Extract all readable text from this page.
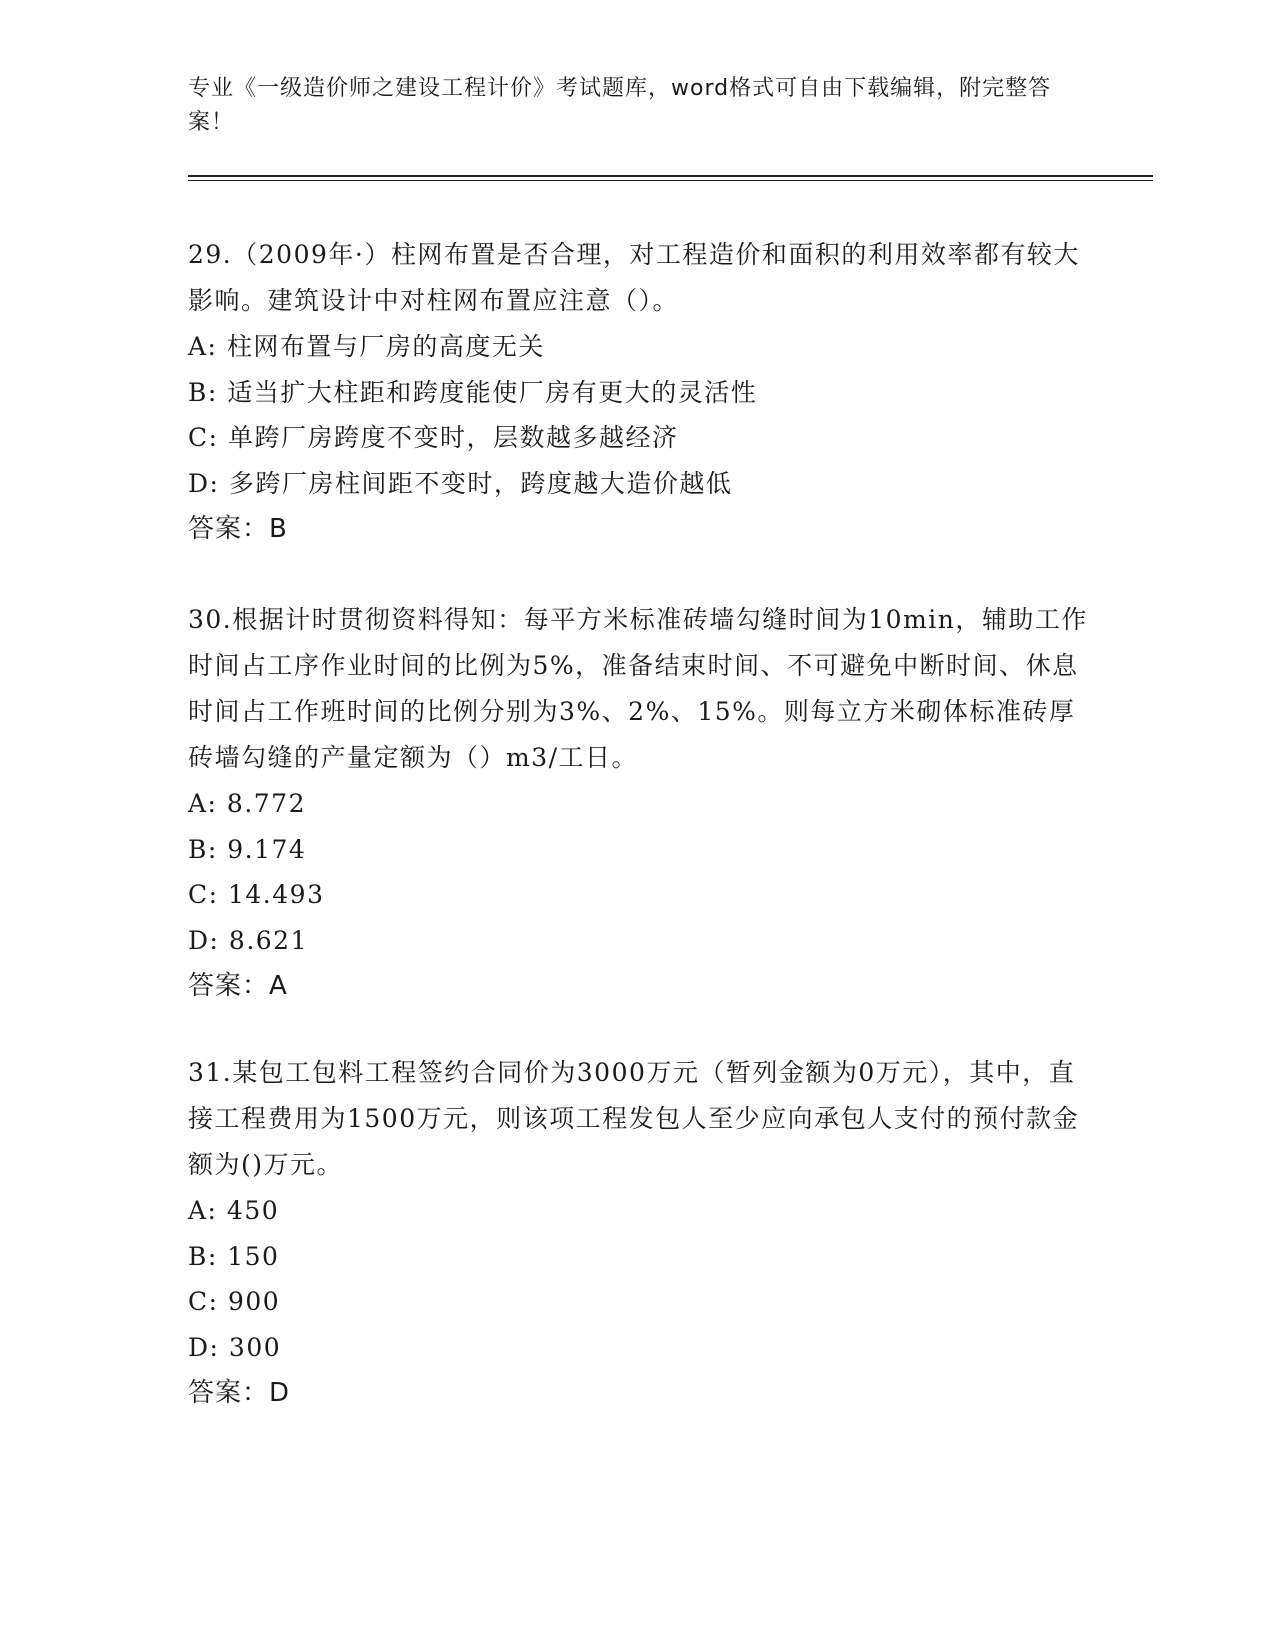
专业《一级造价师之建设工程计价》考试题库，word格式可自由下载编辑，附完整答案！

29.（2009年·）柱网布置是否合理，对工程造价和面积的利用效率都有较大影响。建筑设计中对柱网布置应注意（）。

A: 柱网布置与厂房的高度无关

B: 适当扩大柱距和跨度能使厂房有更大的灵活性

C: 单跨厂房跨度不变时，层数越多越经济

D: 多跨厂房柱间距不变时，跨度越大造价越低

答案：B

30.根据计时贯彻资料得知：每平方米标准砖墙勾缝时间为10min，辅助工作时间占工序作业时间的比例为5%，准备结束时间、不可避免中断时间、休息时间占工作班时间的比例分别为3%、2%、15%。则每立方米砌体标准砖厚砖墙勾缝的产量定额为（）m3/工日。

A: 8.772

B: 9.174

C: 14.493

D: 8.621

答案：A

31.某包工包料工程签约合同价为3000万元（暂列金额为0万元），其中，直接工程费用为1500万元，则该项工程发包人至少应向承包人支付的预付款金额为()万元。

A: 450

B: 150

C: 900

D: 300

答案：D
